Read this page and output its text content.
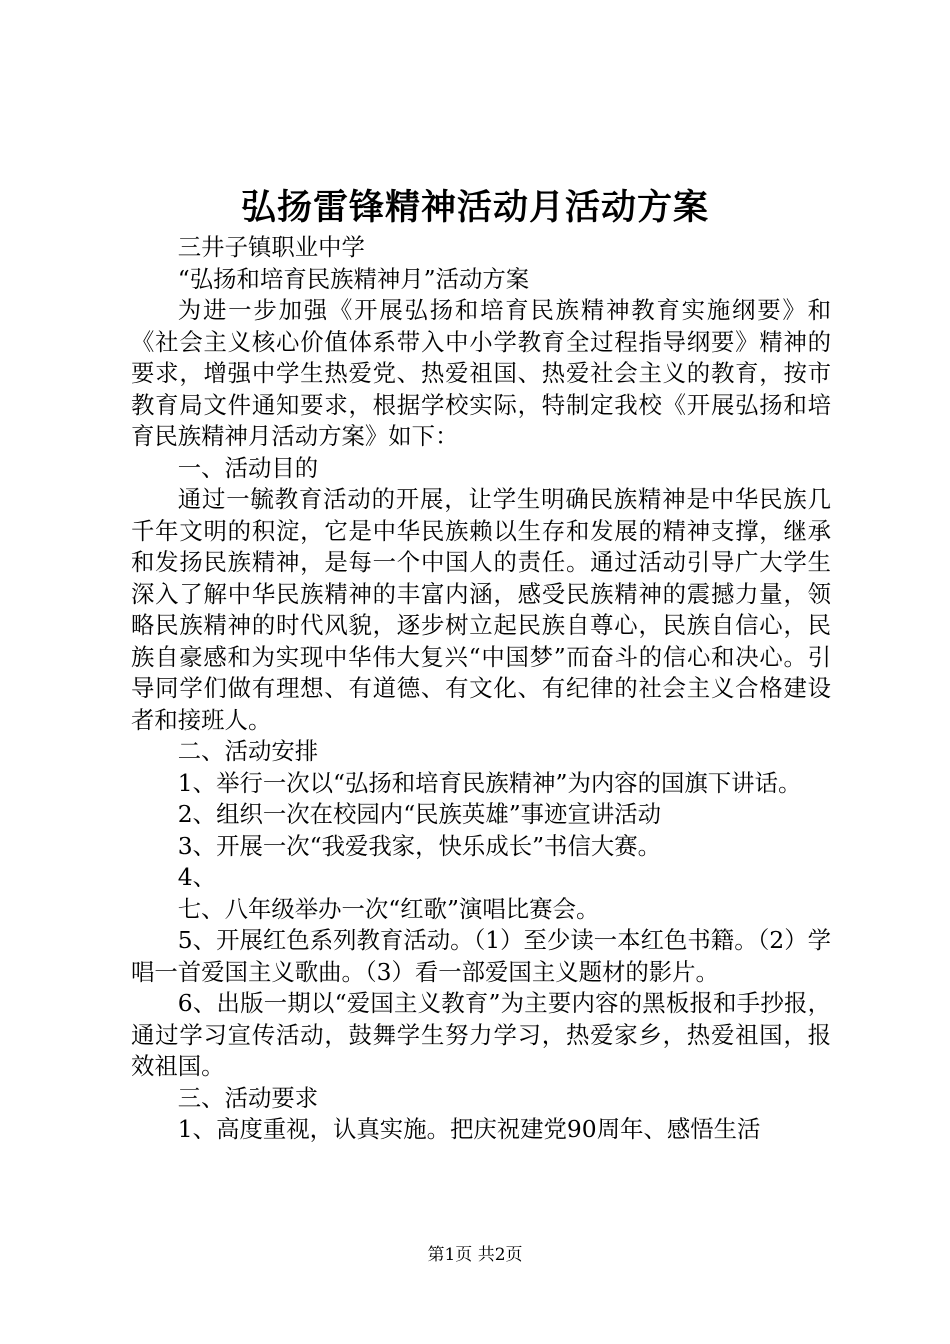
弘扬雷锋精神活动月活动方案

三井子镇职业中学

“弘扬和培育民族精神月”活动方案

为进一步加强《开展弘扬和培育民族精神教育实施纲要》和《社会主义核心价值体系带入中小学教育全过程指导纲要》精神的要求，增强中学生热爱党、热爱祖国、热爱社会主义的教育，按市教育局文件通知要求，根据学校实际，特制定我校《开展弘扬和培育民族精神月活动方案》如下：

一、活动目的

通过一毓教育活动的开展，让学生明确民族精神是中华民族几千年文明的积淀，它是中华民族赖以生存和发展的精神支撑，继承和发扬民族精神，是每一个中国人的责任。通过活动引导广大学生深入了解中华民族精神的丰富内涵，感受民族精神的震撼力量，领略民族精神的时代风貌，逐步树立起民族自尊心，民族自信心，民族自豪感和为实现中华伟大复兴“中国梦”而奋斗的信心和决心。引导同学们做有理想、有道德、有文化、有纪律的社会主义合格建设者和接班人。

二、活动安排

1、举行一次以“弘扬和培育民族精神”为内容的国旗下讲话。

2、组织一次在校园内“民族英雄”事迹宣讲活动

3、开展一次“我爱我家，快乐成长”书信大赛。

4、

七、八年级举办一次“红歌”演唱比赛会。

5、开展红色系列教育活动。（1）至少读一本红色书籍。（2）学唱一首爱国主义歌曲。（3）看一部爱国主义题材的影片。

6、出版一期以“爱国主义教育”为主要内容的黑板报和手抄报，通过学习宣传活动，鼓舞学生努力学习，热爱家乡，热爱祖国，报效祖国。

三、活动要求

1、高度重视，认真实施。把庆祝建党90周年、感悟生活

第1页 共2页
